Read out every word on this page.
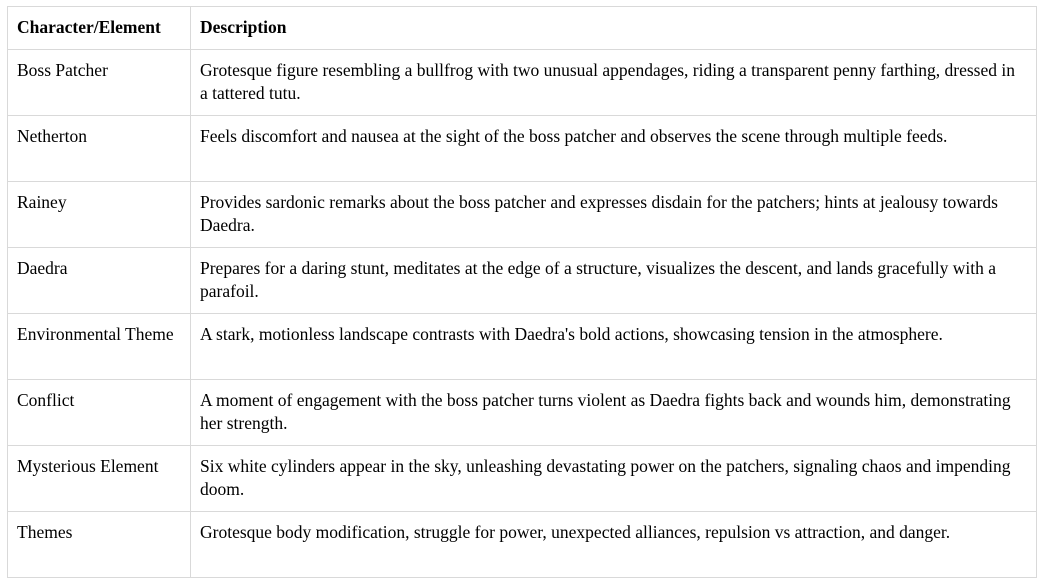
Character/Element	Description
Boss Patcher	Grotesque figure resembling a bullfrog with two unusual appendages, riding a transparent penny farthing, dressed in a tattered tutu.
Netherton	Feels discomfort and nausea at the sight of the boss patcher and observes the scene through multiple feeds.
Rainey	Provides sardonic remarks about the boss patcher and expresses disdain for the patchers; hints at jealousy towards Daedra.
Daedra	Prepares for a daring stunt, meditates at the edge of a structure, visualizes the descent, and lands gracefully with a parafoil.
Environmental Theme	A stark, motionless landscape contrasts with Daedra's bold actions, showcasing tension in the atmosphere.
Conflict	A moment of engagement with the boss patcher turns violent as Daedra fights back and wounds him, demonstrating her strength.
Mysterious Element	Six white cylinders appear in the sky, unleashing devastating power on the patchers, signaling chaos and impending doom.
Themes	Grotesque body modification, struggle for power, unexpected alliances, repulsion vs attraction, and danger.
